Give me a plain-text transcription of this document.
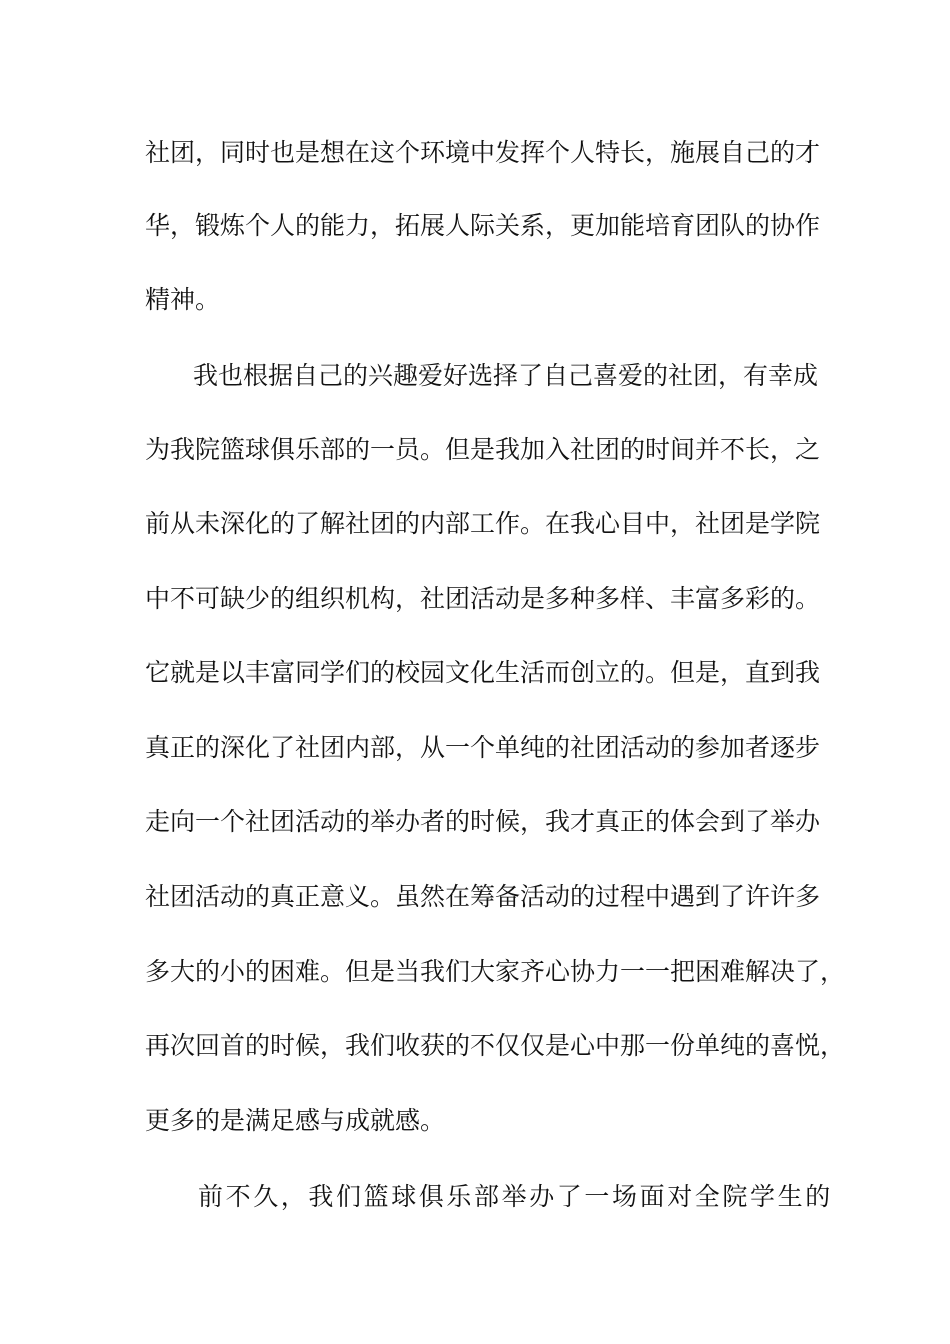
社团，同时也是想在这个环境中发挥个人特长，施展自己的才
华，锻炼个人的能力，拓展人际关系，更加能培育团队的协作
精神。
我也根据自己的兴趣爱好选择了自己喜爱的社团，有幸成
为我院篮球俱乐部的一员。但是我加入社团的时间并不长，之
前从未深化的了解社团的内部工作。在我心目中，社团是学院
中不可缺少的组织机构，社团活动是多种多样、丰富多彩的。
它就是以丰富同学们的校园文化生活而创立的。但是，直到我
真正的深化了社团内部，从一个单纯的社团活动的参加者逐步
走向一个社团活动的举办者的时候，我才真正的体会到了举办
社团活动的真正意义。虽然在筹备活动的过程中遇到了许许多
多大的小的困难。但是当我们大家齐心协力一一把困难解决了，
再次回首的时候，我们收获的不仅仅是心中那一份单纯的喜悦，
更多的是满足感与成就感。
前不久，我们篮球俱乐部举办了一场面对全院学生的
